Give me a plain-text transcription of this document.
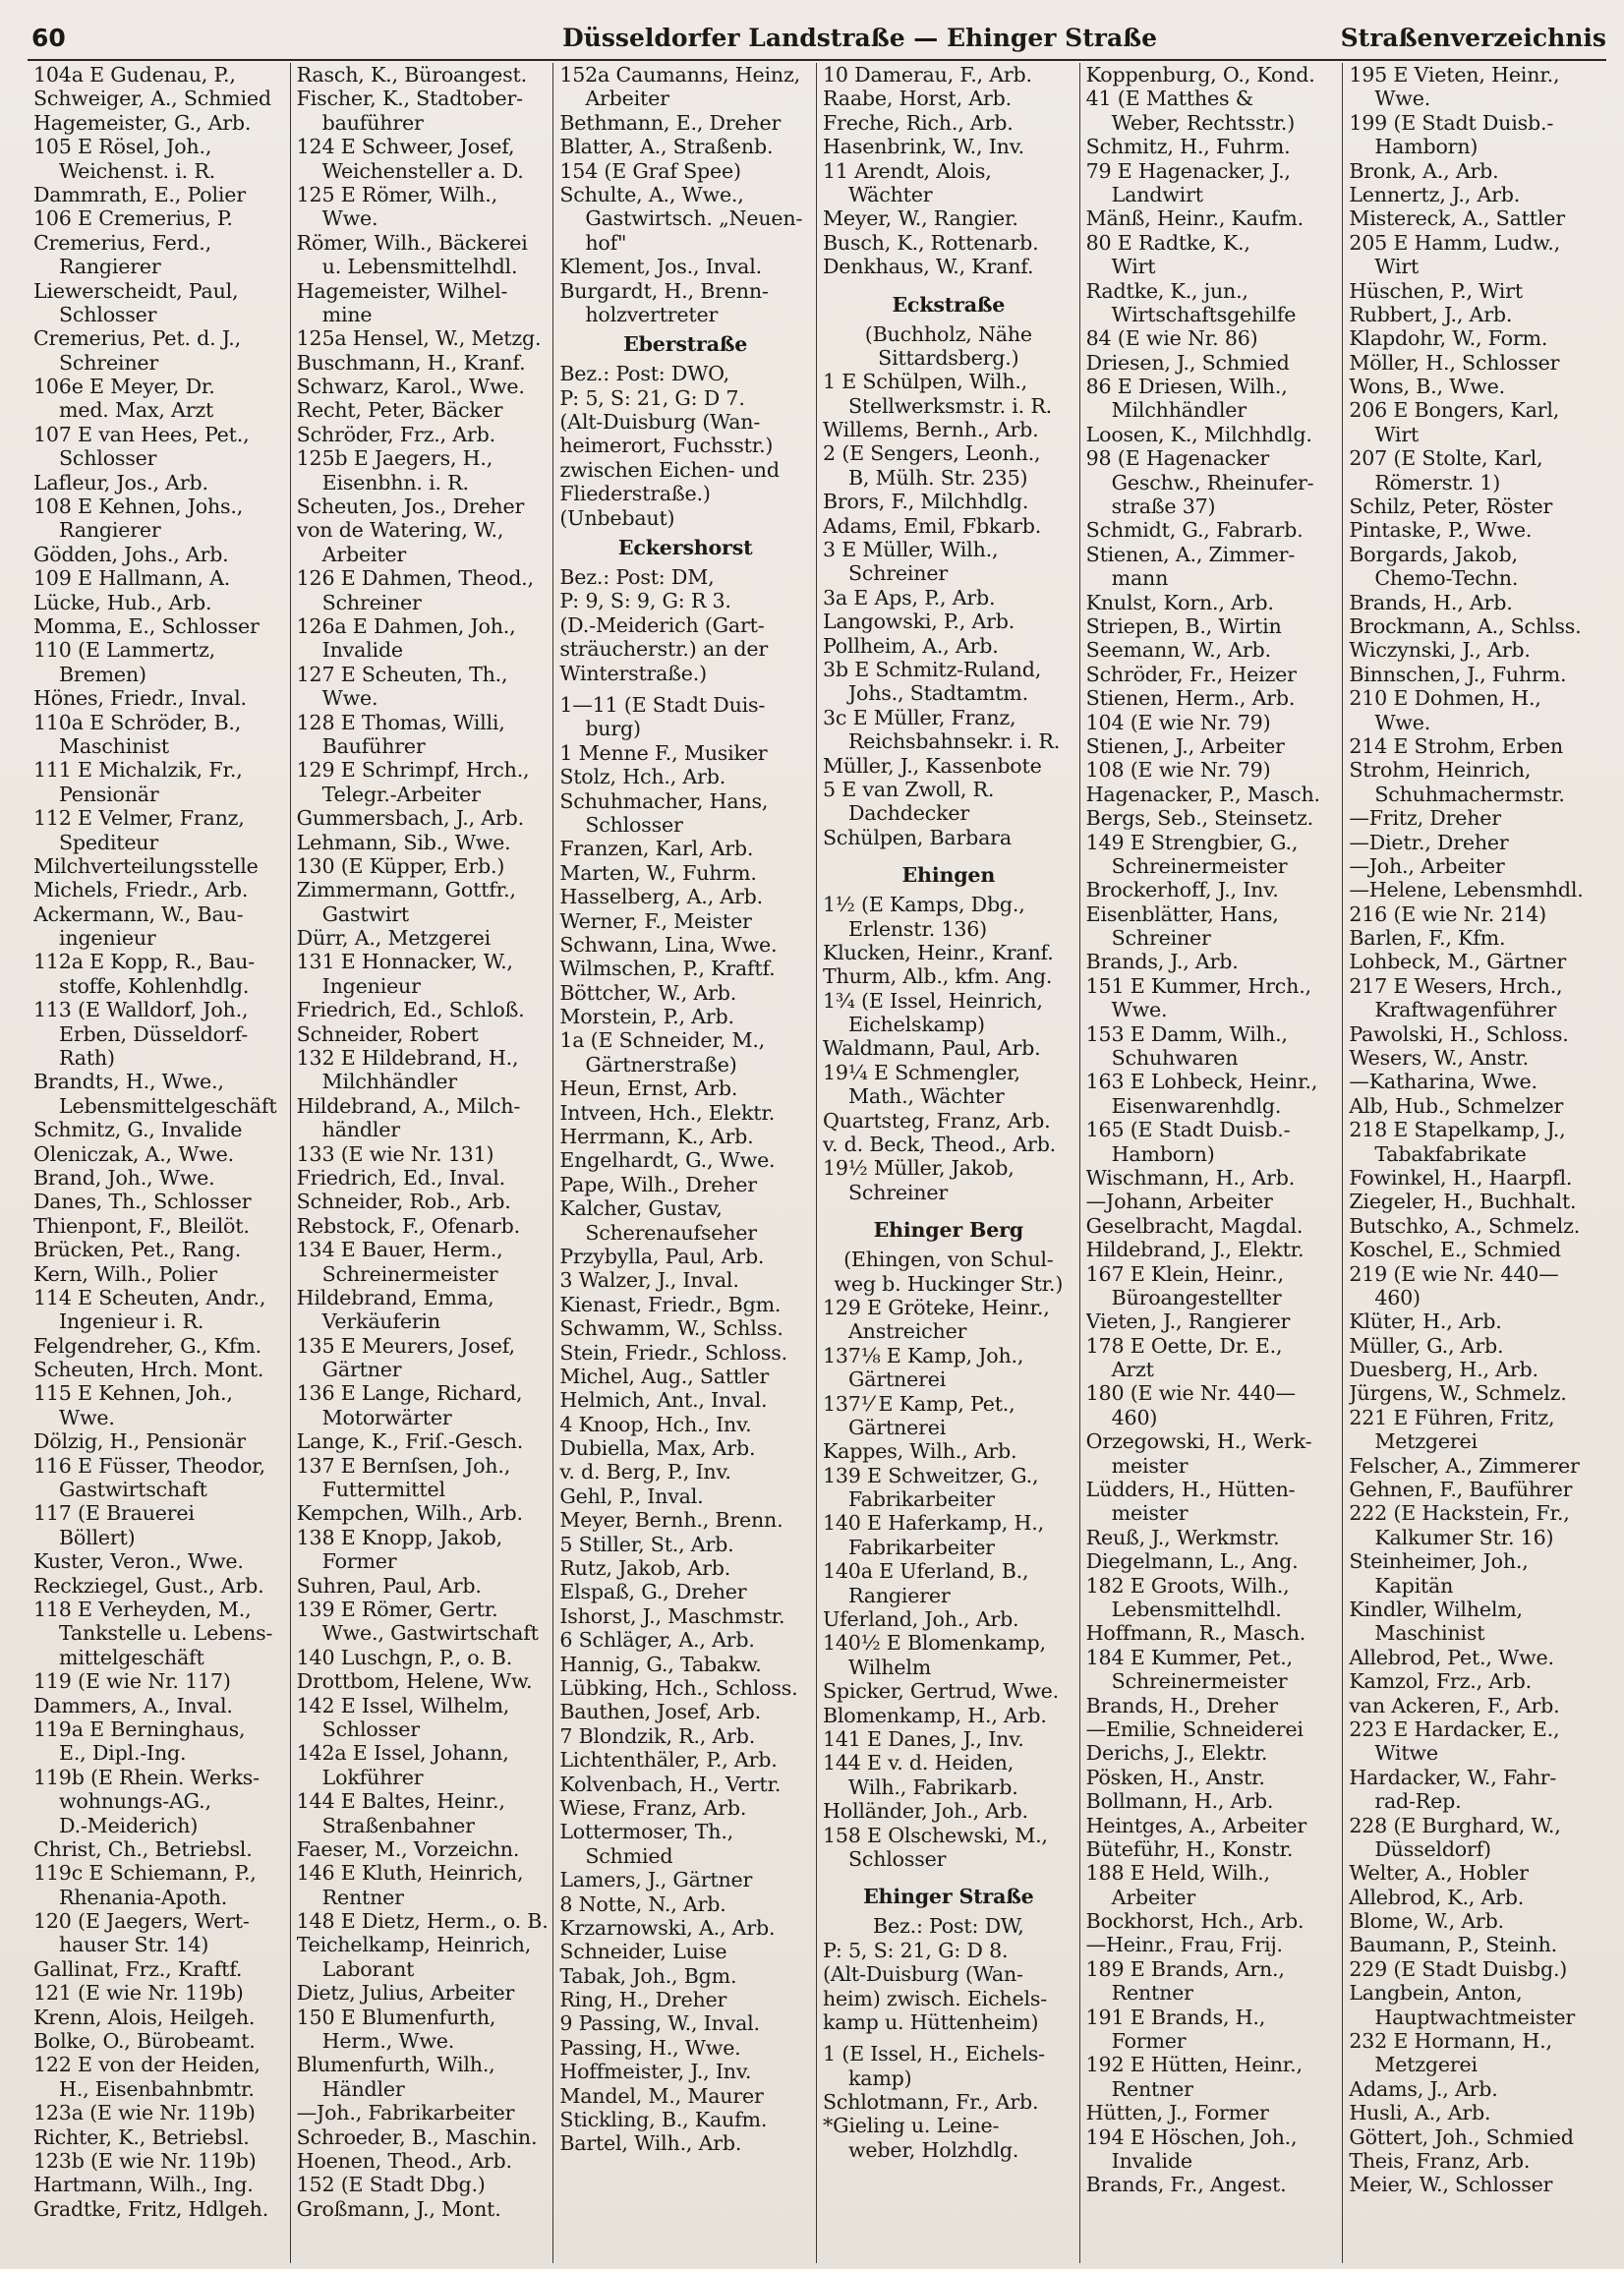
60	Düsseldorfer Landstraße — Ehinger Straße	Straßenverzeichnis
104a E Gudenau, P.,
Schweiger, A., Schmied
Hagemeister, G., Arb.
105 E Rösel, Joh.,
Weichenst. i. R.
Dammrath, E., Polier
106 E Cremerius, P.
Cremerius, Ferd.,
Rangierer
Liewerscheidt, Paul,
Schlosser
Cremerius, Pet. d. J.,
Schreiner
106e E Meyer, Dr.
med. Max, Arzt
107 E van Hees, Pet.,
Schlosser
Lafleur, Jos., Arb.
108 E Kehnen, Johs.,
Rangierer
Gödden, Johs., Arb.
109 E Hallmann, A.
Lücke, Hub., Arb.
Momma, E., Schlosser
110 (E Lammertz,
Bremen)
Hönes, Friedr., Inval.
110a E Schröder, B.,
Maschinist
111 E Michalzik, Fr.,
Pensionär
112 E Velmer, Franz,
Spediteur
Milchverteilungsstelle
Michels, Friedr., Arb.
Ackermann, W., Bau-
ingenieur
112a E Kopp, R., Bau-
stoffe, Kohlenhdlg.
113 (E Walldorf, Joh.,
Erben, Düsseldorf-
Rath)
Brandts, H., Wwe.,
Lebensmittelgeschäft
Schmitz, G., Invalide
Oleniczak, A., Wwe.
Brand, Joh., Wwe.
Danes, Th., Schlosser
Thienpont, F., Bleilöt.
Brücken, Pet., Rang.
Kern, Wilh., Polier
114 E Scheuten, Andr.,
Ingenieur i. R.
Felgendreher, G., Kfm.
Scheuten, Hrch. Mont.
115 E Kehnen, Joh.,
Wwe.
Dölzig, H., Pensionär
116 E Füsser, Theodor,
Gastwirtschaft
117 (E Brauerei
Böllert)
Kuster, Veron., Wwe.
Reckziegel, Gust., Arb.
118 E Verheyden, M.,
Tankstelle u. Lebens-
mittelgeschäft
119 (E wie Nr. 117)
Dammers, A., Inval.
119a E Berninghaus,
E., Dipl.-Ing.
119b (E Rhein. Werks-
wohnungs-AG.,
D.-Meiderich)
Christ, Ch., Betriebsl.
119c E Schiemann, P.,
Rhenania-Apoth.
120 (E Jaegers, Wert-
hauser Str. 14)
Gallinat, Frz., Kraftf.
121 (E wie Nr. 119b)
Krenn, Alois, Heilgeh.
Bolke, O., Bürobeamt.
122 E von der Heiden,
H., Eisenbahnbmtr.
123a (E wie Nr. 119b)
Richter, K., Betriebsl.
123b (E wie Nr. 119b)
Hartmann, Wilh., Ing.
Gradtke, Fritz, Hdlgeh.
Rasch, K., Büroangest.
Fischer, K., Stadtober-
bauführer
124 E Schweer, Josef,
Weichensteller a. D.
125 E Römer, Wilh.,
Wwe.
Römer, Wilh., Bäckerei
u. Lebensmittelhdl.
Hagemeister, Wilhel-
mine
125a Hensel, W., Metzg.
Buschmann, H., Kranf.
Schwarz, Karol., Wwe.
Recht, Peter, Bäcker
Schröder, Frz., Arb.
125b E Jaegers, H.,
Eisenbhn. i. R.
Scheuten, Jos., Dreher
von de Watering, W.,
Arbeiter
126 E Dahmen, Theod.,
Schreiner
126a E Dahmen, Joh.,
Invalide
127 E Scheuten, Th.,
Wwe.
128 E Thomas, Willi,
Bauführer
129 E Schrimpf, Hrch.,
Telegr.-Arbeiter
Gummersbach, J., Arb.
Lehmann, Sib., Wwe.
130 (E Küpper, Erb.)
Zimmermann, Gottfr.,
Gastwirt
Dürr, A., Metzgerei
131 E Honnacker, W.,
Ingenieur
Friedrich, Ed., Schloß.
Schneider, Robert
132 E Hildebrand, H.,
Milchhändler
Hildebrand, A., Milch-
händler
133 (E wie Nr. 131)
Friedrich, Ed., Inval.
Schneider, Rob., Arb.
Rebstock, F., Ofenarb.
134 E Bauer, Herm.,
Schreinermeister
Hildebrand, Emma,
Verkäuferin
135 E Meurers, Josef,
Gärtner
136 E Lange, Richard,
Motorwärter
Lange, K., Friſ.-Gesch.
137 E Bernſsen, Joh.,
Futtermittel
Kempchen, Wilh., Arb.
138 E Knopp, Jakob,
Former
Suhren, Paul, Arb.
139 E Römer, Gertr.
Wwe., Gastwirtschaft
140 Luschgn, P., o. B.
Drottbom, Helene, Ww.
142 E Issel, Wilhelm,
Schlosser
142a E Issel, Johann,
Lokführer
144 E Baltes, Heinr.,
Straßenbahner
Faeser, M., Vorzeichn.
146 E Kluth, Heinrich,
Rentner
148 E Dietz, Herm., o. B.
Teichelkamp, Heinrich,
Laborant
Dietz, Julius, Arbeiter
150 E Blumenfurth,
Herm., Wwe.
Blumenfurth, Wilh.,
Händler
—Joh., Fabrikarbeiter
Schroeder, B., Maschin.
Hoenen, Theod., Arb.
152 (E Stadt Dbg.)
Großmann, J., Mont.
152a Caumanns, Heinz,
Arbeiter
Bethmann, E., Dreher
Blatter, A., Straßenb.
154 (E Graf Spee)
Schulte, A., Wwe.,
Gastwirtsch. „Neuen-
hof"
Klement, Jos., Inval.
Burgardt, H., Brenn-
holzvertreter
Eberstraße
Bez.: Post: DWO,
P: 5, S: 21, G: D 7.
(Alt-Duisburg (Wan-
heimerort, Fuchsstr.)
zwischen Eichen- und
Fliederstraße.)
(Unbebaut)
Eckershorst
Bez.: Post: DM,
P: 9, S: 9, G: R 3.
(D.-Meiderich (Gart-
sträucherstr.) an der
Winterstraße.)
1—11 (E Stadt Duis-
burg)
1 Menne F., Musiker
Stolz, Hch., Arb.
Schuhmacher, Hans,
Schlosser
Franzen, Karl, Arb.
Marten, W., Fuhrm.
Hasselberg, A., Arb.
Werner, F., Meister
Schwann, Lina, Wwe.
Wilmschen, P., Kraftf.
Böttcher, W., Arb.
Morstein, P., Arb.
1a (E Schneider, M.,
Gärtnerstraße)
Heun, Ernst, Arb.
Intveen, Hch., Elektr.
Herrmann, K., Arb.
Engelhardt, G., Wwe.
Pape, Wilh., Dreher
Kalcher, Gustav,
Scherenaufseher
Przybylla, Paul, Arb.
3 Walzer, J., Inval.
Kienast, Friedr., Bgm.
Schwamm, W., Schlss.
Stein, Friedr., Schloss.
Michel, Aug., Sattler
Helmich, Ant., Inval.
4 Knoop, Hch., Inv.
Dubiella, Max, Arb.
v. d. Berg, P., Inv.
Gehl, P., Inval.
Meyer, Bernh., Brenn.
5 Stiller, St., Arb.
Rutz, Jakob, Arb.
Elspaß, G., Dreher
Ishorst, J., Maschmstr.
6 Schläger, A., Arb.
Hannig, G., Tabakw.
Lübking, Hch., Schloss.
Bauthen, Josef, Arb.
7 Blondzik, R., Arb.
Lichtenthäler, P., Arb.
Kolvenbach, H., Vertr.
Wiese, Franz, Arb.
Lottermoser, Th.,
Schmied
Lamers, J., Gärtner
8 Notte, N., Arb.
Krzarnowski, A., Arb.
Schneider, Luise
Tabak, Joh., Bgm.
Ring, H., Dreher
9 Passing, W., Inval.
Passing, H., Wwe.
Hoffmeister, J., Inv.
Mandel, M., Maurer
Stickling, B., Kaufm.
Bartel, Wilh., Arb.
10 Damerau, F., Arb.
Raabe, Horst, Arb.
Freche, Rich., Arb.
Hasenbrink, W., Inv.
11 Arendt, Alois,
Wächter
Meyer, W., Rangier.
Busch, K., Rottenarb.
Denkhaus, W., Kranf.
Eckstraße
(Buchholz, Nähe
Sittardsberg.)
1 E Schülpen, Wilh.,
Stellwerksmstr. i. R.
Willems, Bernh., Arb.
2 (E Sengers, Leonh.,
B, Mülh. Str. 235)
Brors, F., Milchhdlg.
Adams, Emil, Fbkarb.
3 E Müller, Wilh.,
Schreiner
3a E Aps, P., Arb.
Langowski, P., Arb.
Pollheim, A., Arb.
3b E Schmitz-Ruland,
Johs., Stadtamtm.
3c E Müller, Franz,
Reichsbahnsekr. i. R.
Müller, J., Kassenbote
5 E van Zwoll, R.
Dachdecker
Schülpen, Barbara
Ehingen
1½ (E Kamps, Dbg.,
Erlenstr. 136)
Klucken, Heinr., Kranf.
Thurm, Alb., kfm. Ang.
1¾ (E Issel, Heinrich,
Eichelskamp)
Waldmann, Paul, Arb.
19¼ E Schmengler,
Math., Wächter
Quartsteg, Franz, Arb.
v. d. Beck, Theod., Arb.
19½ Müller, Jakob,
Schreiner
Ehinger Berg
(Ehingen, von Schul-
weg b. Huckinger Str.)
129 E Gröteke, Heinr.,
Anstreicher
137⅛ E Kamp, Joh.,
Gärtnerei
137⅟ E Kamp, Pet.,
Gärtnerei
Kappes, Wilh., Arb.
139 E Schweitzer, G.,
Fabrikarbeiter
140 E Haferkamp, H.,
Fabrikarbeiter
140a E Uferland, B.,
Rangierer
Uferland, Joh., Arb.
140½ E Blomenkamp,
Wilhelm
Spicker, Gertrud, Wwe.
Blomenkamp, H., Arb.
141 E Danes, J., Inv.
144 E v. d. Heiden,
Wilh., Fabrikarb.
Holländer, Joh., Arb.
158 E Olschewski, M.,
Schlosser
Ehinger Straße
Bez.: Post: DW,
P: 5, S: 21, G: D 8.
(Alt-Duisburg (Wan-
heim) zwisch. Eichels-
kamp u. Hüttenheim)
1 (E Issel, H., Eichels-
kamp)
Schlotmann, Fr., Arb.
*Gieling u. Leine-
weber, Holzhdlg.
Koppenburg, O., Kond.
41 (E Matthes &
Weber, Rechtsstr.)
Schmitz, H., Fuhrm.
79 E Hagenacker, J.,
Landwirt
Mänß, Heinr., Kaufm.
80 E Radtke, K.,
Wirt
Radtke, K., jun.,
Wirtschaftsgehilfe
84 (E wie Nr. 86)
Driesen, J., Schmied
86 E Driesen, Wilh.,
Milchhändler
Loosen, K., Milchhdlg.
98 (E Hagenacker
Geschw., Rheinufer-
straße 37)
Schmidt, G., Fabrarb.
Stienen, A., Zimmer-
mann
Knulst, Korn., Arb.
Striepen, B., Wirtin
Seemann, W., Arb.
Schröder, Fr., Heizer
Stienen, Herm., Arb.
104 (E wie Nr. 79)
Stienen, J., Arbeiter
108 (E wie Nr. 79)
Hagenacker, P., Masch.
Bergs, Seb., Steinsetz.
149 E Strengbier, G.,
Schreinermeister
Brockerhoff, J., Inv.
Eisenblätter, Hans,
Schreiner
Brands, J., Arb.
151 E Kummer, Hrch.,
Wwe.
153 E Damm, Wilh.,
Schuhwaren
163 E Lohbeck, Heinr.,
Eisenwarenhdlg.
165 (E Stadt Duisb.-
Hamborn)
Wischmann, H., Arb.
—Johann, Arbeiter
Geselbracht, Magdal.
Hildebrand, J., Elektr.
167 E Klein, Heinr.,
Büroangestellter
Vieten, J., Rangierer
178 E Oette, Dr. E.,
Arzt
180 (E wie Nr. 440—
460)
Orzegowski, H., Werk-
meister
Lüdders, H., Hütten-
meister
Reuß, J., Werkmstr.
Diegelmann, L., Ang.
182 E Groots, Wilh.,
Lebensmittelhdl.
Hoffmann, R., Masch.
184 E Kummer, Pet.,
Schreinermeister
Brands, H., Dreher
—Emilie, Schneiderei
Derichs, J., Elektr.
Pösken, H., Anstr.
Bollmann, H., Arb.
Heintges, A., Arbeiter
Büteführ, H., Konstr.
188 E Held, Wilh.,
Arbeiter
Bockhorst, Hch., Arb.
—Heinr., Frau, Frij.
189 E Brands, Arn.,
Rentner
191 E Brands, H.,
Former
192 E Hütten, Heinr.,
Rentner
Hütten, J., Former
194 E Höschen, Joh.,
Invalide
Brands, Fr., Angest.
195 E Vieten, Heinr.,
Wwe.
199 (E Stadt Duisb.-
Hamborn)
Bronk, A., Arb.
Lennertz, J., Arb.
Mistereck, A., Sattler
205 E Hamm, Ludw.,
Wirt
Hüschen, P., Wirt
Rubbert, J., Arb.
Klapdohr, W., Form.
Möller, H., Schlosser
Wons, B., Wwe.
206 E Bongers, Karl,
Wirt
207 (E Stolte, Karl,
Römerstr. 1)
Schilz, Peter, Röster
Pintaske, P., Wwe.
Borgards, Jakob,
Chemo-Techn.
Brands, H., Arb.
Brockmann, A., Schlss.
Wiczynski, J., Arb.
Binnschen, J., Fuhrm.
210 E Dohmen, H.,
Wwe.
214 E Strohm, Erben
Strohm, Heinrich,
Schuhmachermstr.
—Fritz, Dreher
—Dietr., Dreher
—Joh., Arbeiter
—Helene, Lebensmhdl.
216 (E wie Nr. 214)
Barlen, F., Kfm.
Lohbeck, M., Gärtner
217 E Wesers, Hrch.,
Kraftwagenführer
Pawolski, H., Schloss.
Wesers, W., Anstr.
—Katharina, Wwe.
Alb, Hub., Schmelzer
218 E Stapelkamp, J.,
Tabakfabrikate
Fowinkel, H., Haarpfl.
Ziegeler, H., Buchhalt.
Butschko, A., Schmelz.
Koschel, E., Schmied
219 (E wie Nr. 440—
460)
Klüter, H., Arb.
Müller, G., Arb.
Duesberg, H., Arb.
Jürgens, W., Schmelz.
221 E Führen, Fritz,
Metzgerei
Felscher, A., Zimmerer
Gehnen, F., Bauführer
222 (E Hackstein, Fr.,
Kalkumer Str. 16)
Steinheimer, Joh.,
Kapitän
Kindler, Wilhelm,
Maschinist
Allebrod, Pet., Wwe.
Kamzol, Frz., Arb.
van Ackeren, F., Arb.
223 E Hardacker, E.,
Witwe
Hardacker, W., Fahr-
rad-Rep.
228 (E Burghard, W.,
Düsseldorf)
Welter, A., Hobler
Allebrod, K., Arb.
Blome, W., Arb.
Baumann, P., Steinh.
229 (E Stadt Duisbg.)
Langbein, Anton,
Hauptwachtmeister
232 E Hormann, H.,
Metzgerei
Adams, J., Arb.
Husli, A., Arb.
Göttert, Joh., Schmied
Theis, Franz, Arb.
Meier, W., Schlosser
